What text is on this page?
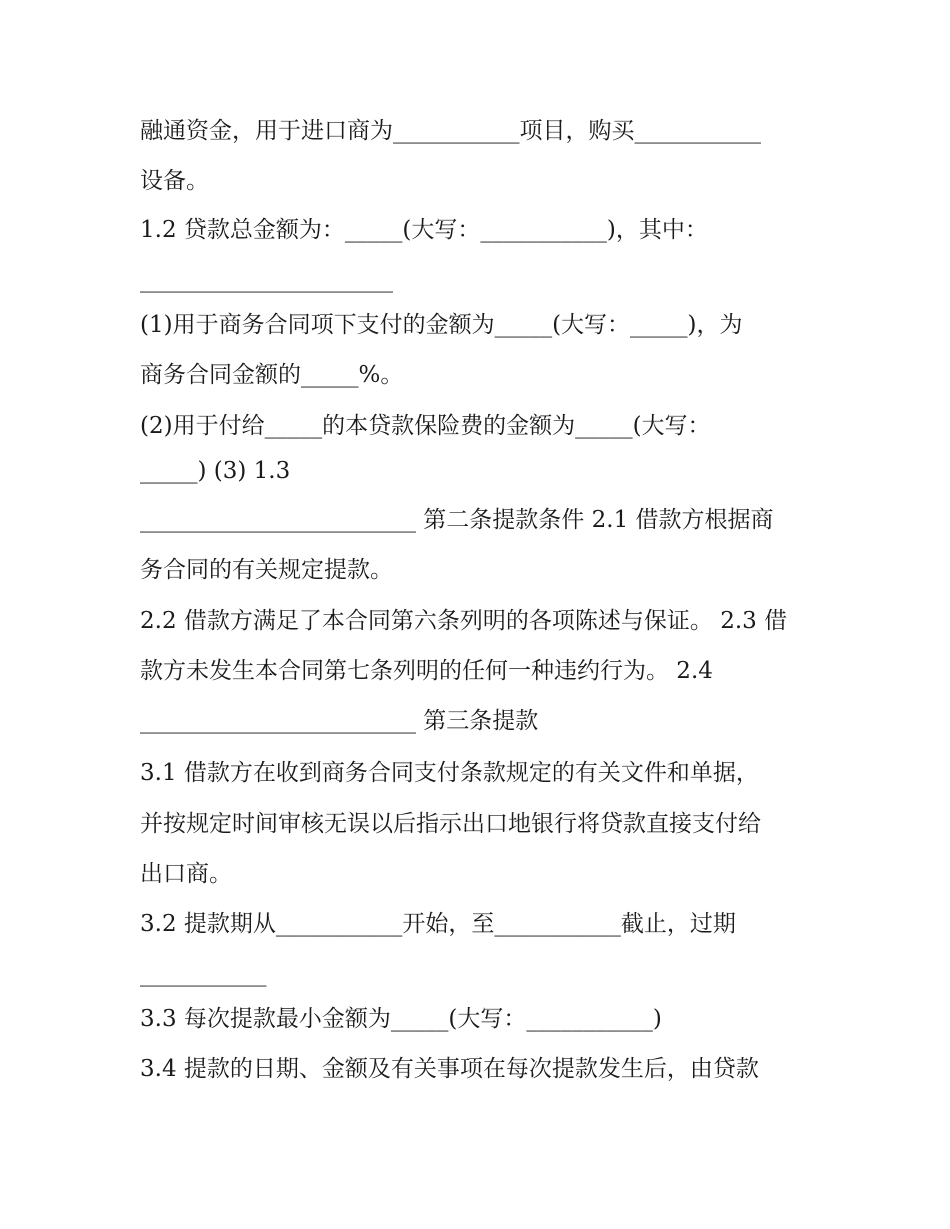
融通资金，用于进口商为___________项目，购买___________
设备。
1.2 贷款总金额为：_____(大写：___________)，其中：
______________________
(1)用于商务合同项下支付的金额为_____(大写：_____)，为
商务合同金额的_____%。
(2)用于付给_____的本贷款保险费的金额为_____(大写：
_____) (3) 1.3
________________________ 第二条提款条件 2.1 借款方根据商
务合同的有关规定提款。
2.2 借款方满足了本合同第六条列明的各项陈述与保证。 2.3 借
款方未发生本合同第七条列明的任何一种违约行为。 2.4
________________________ 第三条提款
3.1 借款方在收到商务合同支付条款规定的有关文件和单据，
并按规定时间审核无误以后指示出口地银行将贷款直接支付给
出口商。
3.2 提款期从___________开始，至___________截止，过期
___________
3.3 每次提款最小金额为_____(大写：___________)
3.4 提款的日期、金额及有关事项在每次提款发生后，由贷款
